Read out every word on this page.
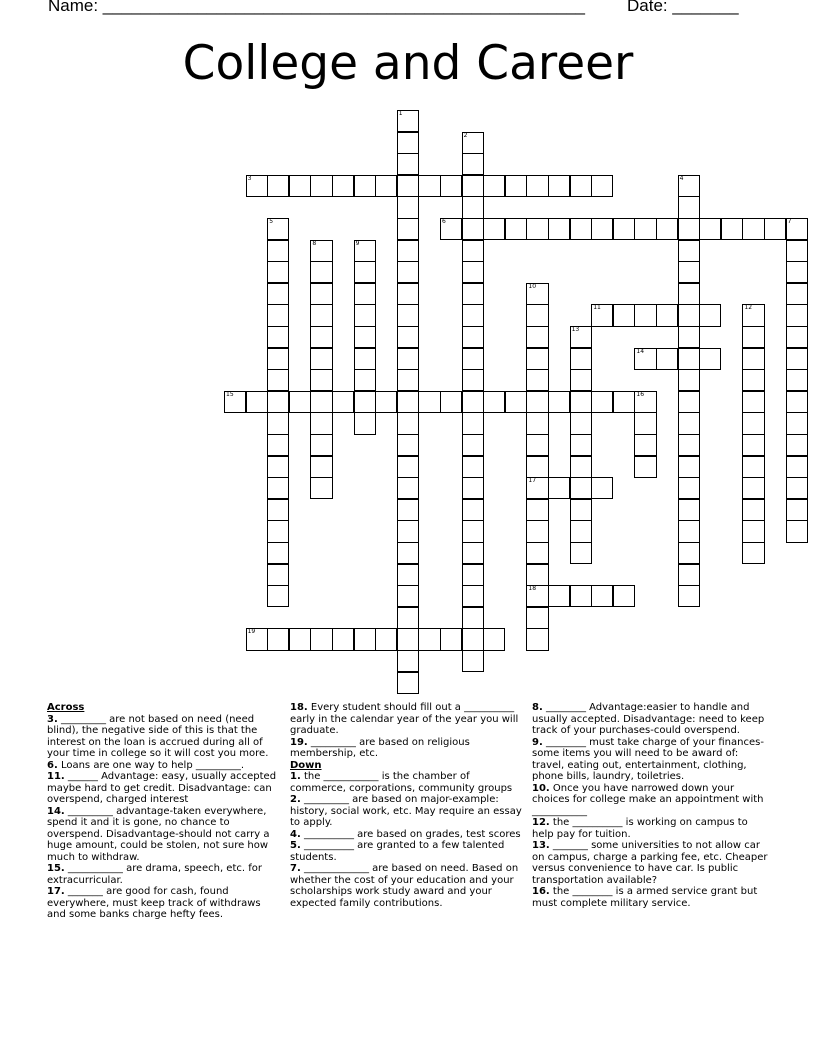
Name: ___________________________________________________ Date: _______
College and Career
1
2
3	4
5	6	7
8	9
10
17
18
11	12
13
14
15	16
19
Across
3. _________ are not based on need (need blind), the negative side of this is that the interest on the loan is accrued during all of your time in college so it will cost you more.
6. Loans are one way to help _________.
11. ______ Advantage: easy, usually accepted maybe hard to get credit. Disadvantage: can overspend, charged interest
14. _________ advantage-taken everywhere, spend it and it is gone, no chance to overspend. Disadvantage-should not carry a huge amount, could be stolen, not sure how much to withdraw.
15. ___________ are drama, speech, etc. for extracurricular.
17. _______ are good for cash, found everywhere, must keep track of withdraws and some banks charge hefty fees.
18. Every student should fill out a __________ early in the calendar year of the year you will graduate.
19. _________ are based on religious membership, etc.
Down
1. the ___________ is the chamber of commerce, corporations, community groups
2. _________ are based on major-example: history, social work, etc. May require an essay to apply.
4. __________ are based on grades, test scores
5. __________ are granted to a few talented students.
7. _____________ are based on need. Based on whether the cost of your education and your scholarships work study award and your expected family contributions.
8. ________ Advantage:easier to handle and usually accepted. Disadvantage: need to keep track of your purchases-could overspend.
9. ________ must take charge of your finances-some items you will need to be award of: travel, eating out, entertainment, clothing, phone bills, laundry, toiletries.
10. Once you have narrowed down your choices for college make an appointment with ___________
12. the __________ is working on campus to help pay for tuition.
13. _______ some universities to not allow car on campus, charge a parking fee, etc. Cheaper versus convenience to have car. Is public transportation available?
16. the ________ is a armed service grant but must complete military service.
